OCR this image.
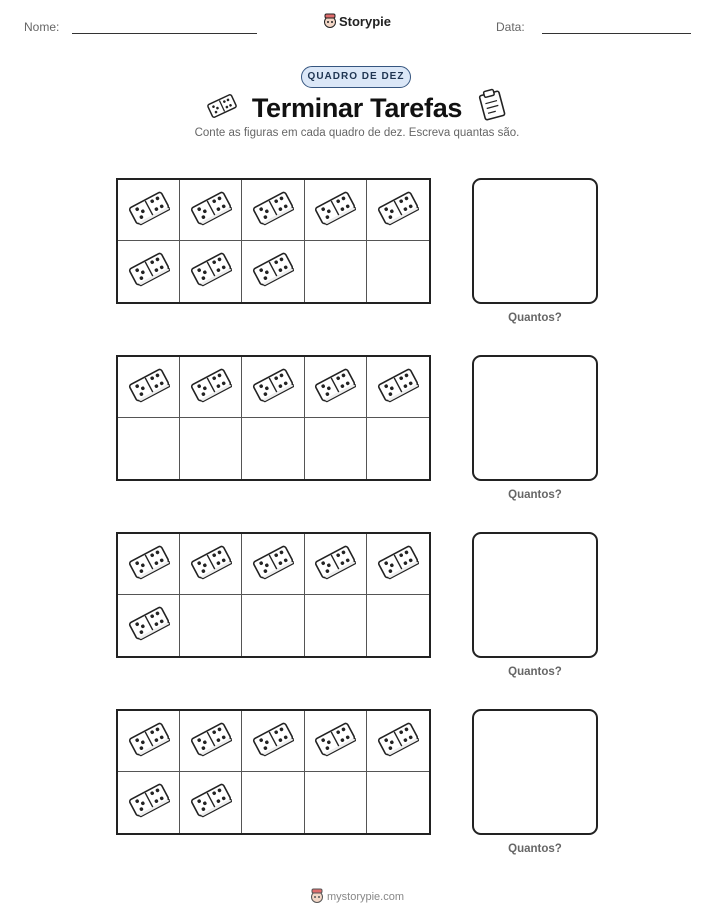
Nome:	Storypie	Data:
QUADRO DE DEZ
Terminar Tarefas
Conte as figuras em cada quadro de dez. Escreva quantas são.
Quantos?
Quantos?
Quantos?
Quantos?
mystorypie.com
